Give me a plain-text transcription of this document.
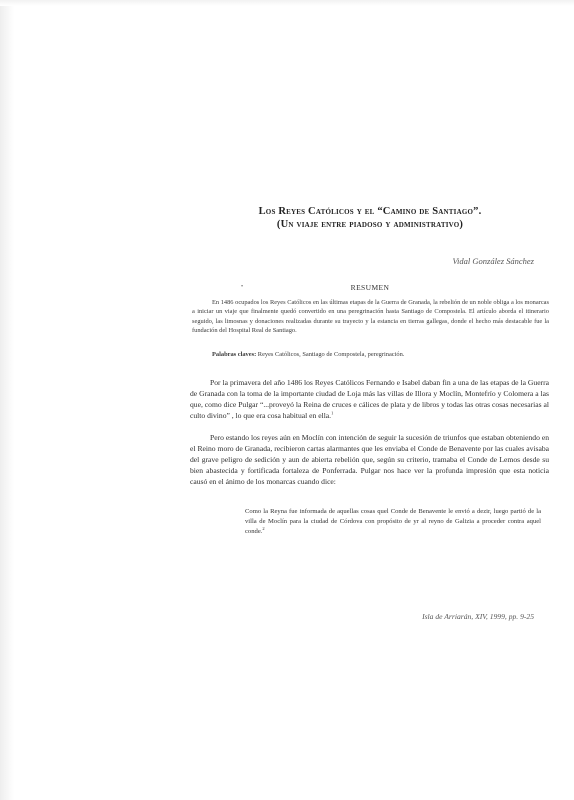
Los Reyes Católicos y el “Camino de Santiago”.
(Un viaje entre piadoso y administrativo)
Vidal González Sánchez
•	RESUMEN
En 1486 ocupados los Reyes Católicos en las últimas etapas de la Guerra de Granada, la rebelión de un noble obliga a los monarcas a iniciar un viaje que finalmente quedó convertido en una peregrinación hasta Santiago de Compostela. El artículo aborda el itinerario seguido, las limosnas y donaciones realizadas durante su trayecto y la estancia en tierras gallegas, donde el hecho más destacable fue la fundación del Hospital Real de Santiago.
Palabras claves: Reyes Católicos, Santiago de Compostela, peregrinación.
Por la primavera del año 1486 los Reyes Católicos Fernando e Isabel daban fin a una de las etapas de la Guerra de Granada con la toma de la importante ciudad de Loja más las villas de Illora y Moclín, Montefrío y Colomera a las que, como dice Pulgar “...proveyó la Reina de cruces e cálices de plata y de libros y todas las otras cosas necesarias al culto divino” , lo que era cosa habitual en ella.$^1$
Pero estando los reyes aún en Moclín con intención de seguir la sucesión de triunfos que estaban obteniendo en el Reino moro de Granada, recibieron cartas alarmantes que les enviaba el Conde de Benavente por las cuales avisaba del grave peligro de sedición y aun de abierta rebelión que, según su criterio, tramaba el Conde de Lemos desde su bien abastecida y fortificada fortaleza de Ponferrada. Pulgar nos hace ver la profunda impresión que esta noticia causó en el ánimo de los monarcas cuando dice:
Como la Reyna fue informada de aquellas cosas quel Conde de Benavente le envió a dezir, luego partió de la villa de Moclín para la ciudad de Córdova con propósito de yr al reyno de Galizia a proceder contra aquel conde.$^2$
Isla de Arriarán, XIV, 1999, pp. 9-25
